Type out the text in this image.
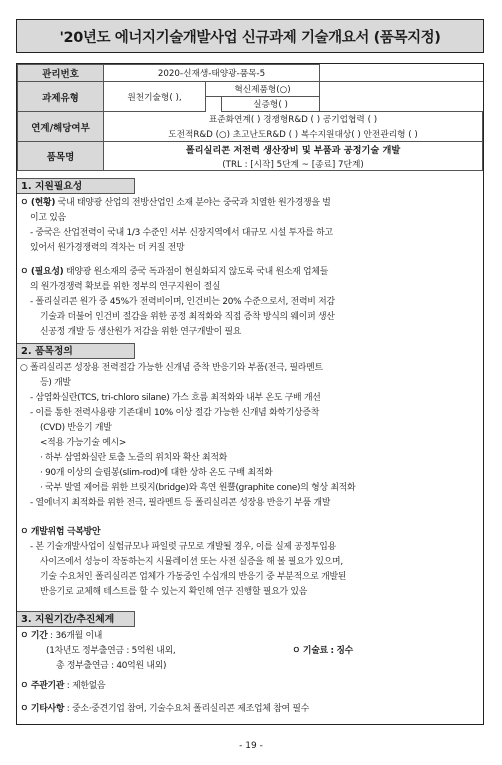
'20년도 에너지기술개발사업 신규과제 기술개요서 (품목지정)
관리번호	2020-신재생-태양광-품목-5			
과제유형	원천기술형( ),	혁신제품형(○)		
			실증형( )	
연계/해당여부	표준화연계( ) 경쟁형R&D ( ) 공기업협력 ( )			
	도전적R&D (○) 초고난도R&D ( ) 복수지원대상( ) 안전관리형 ( )			
품목명	폴리실리콘 저전력 생산장비 및 부품과 공정기술 개발			
	(TRL : [시작] 5단계 ~ [종료] 7단계)			
1. 지원필요성

ㅇ (현황) 국내 태양광 산업의 전방산업인 소재 분야는 중국과 치열한 원가경쟁을 벌

이고 있음

- 중국은 산업전력이 국내 1/3 수준인 서부 신장지역에서 대규모 시설 투자를 하고

있어서 원가경쟁력의 격차는 더 커질 전망

ㅇ (필요성) 태양광 원소재의 중국 독과점이 현실화되지 않도록 국내 원소재 업체들

의 원가경쟁력 확보를 위한 정부의 연구지원이 절실

- 폴리실리콘 원가 중 45%가 전력비이며, 인건비는 20% 수준으로서, 전력비 저감

기술과 더불어 인건비 절감을 위한 공정 최적화와 직접 증착 방식의 웨이퍼 생산

신공정 개발 등 생산원가 저감을 위한 연구개발이 필요

2. 품목정의

○ 폴리실리콘 성장용 전력절감 가능한 신개념 증착 반응기와 부품(전극, 필라멘트

등) 개발

- 삼염화실란(TCS, tri-chloro silane) 가스 흐름 최적화와 내부 온도 구배 개선

- 이를 통한 전력사용량 기존대비 10% 이상 절감 가능한 신개념 화학기상증착

(CVD) 반응기 개발

<적용 가능기술 예시>

· 하부 삼염화실란 토출 노즐의 위치와 확산 최적화

· 90개 이상의 슬림봉(slim-rod)에 대한 상하 온도 구배 최적화

· 국부 발열 제어를 위한 브릿지(bridge)와 흑연 원뿔(graphite cone)의 형상 최적화

- 열에너지 최적화를 위한 전극, 필라멘트 등 폴리실리콘 성장용 반응기 부품 개발

ㅇ 개발위험 극복방안

- 본 기술개발사업이 실험규모나 파일럿 규모로 개발될 경우, 이를 실제 공정투입용

사이즈에서 성능이 작동하는지 시뮬레이션 또는 사전 실증을 해 볼 필요가 있으며,

기술 수요처인 폴리실리콘 업체가 가동중인 수십개의 반응기 중 부분적으로 개발된

반응기로 교체해 테스트를 할 수 있는지 확인해 연구 진행할 필요가 있음

3. 지원기간/추진체계

ㅇ 기간 : 36개월 이내

(1차년도 정부출연금 : 5억원 내외,

총 정부출연금 : 40억원 내외)

ㅇ 기술료 : 징수

ㅇ 주관기관 : 제한없음

ㅇ 기타사항 : 중소·중견기업 참여, 기술수요처 폴리실리콘 제조업체 참여 필수

- 19 -
